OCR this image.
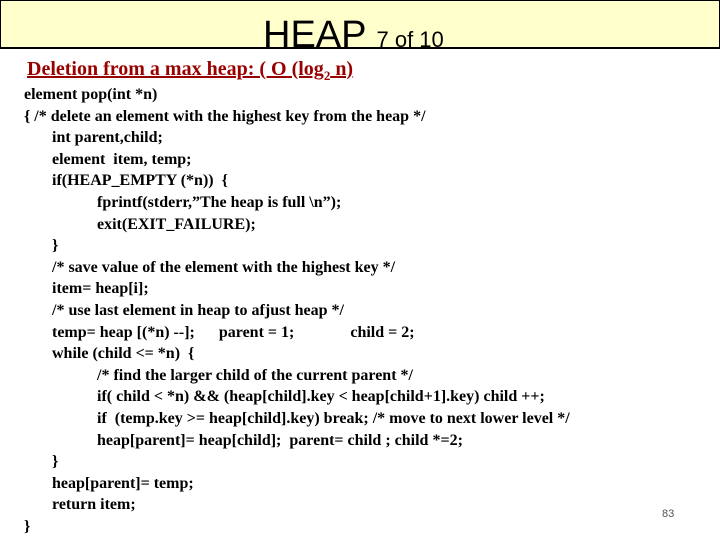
HEAP 7 of 10
Deletion from a max heap: ( O ($\log_2$ n)
element pop(int *n)
{ /* delete an element with the highest key from the heap */
int parent,child;
element  item, temp;
if(HEAP_EMPTY (*n))  {
fprintf(stderr,”The heap is full \n”);
exit(EXIT_FAILURE);
}
/* save value of the element with the highest key */
item= heap[i];
/* use last element in heap to afjust heap */
temp= heap [(*n) --];      parent = 1;              child = 2;
while (child <= *n)  {
/* find the larger child of the current parent */
if( child < *n) && (heap[child].key < heap[child+1].key) child ++;
if  (temp.key >= heap[child].key) break; /* move to next lower level */
heap[parent]= heap[child];  parent= child ; child *=2;
}
heap[parent]= temp;
return item;
}
83
